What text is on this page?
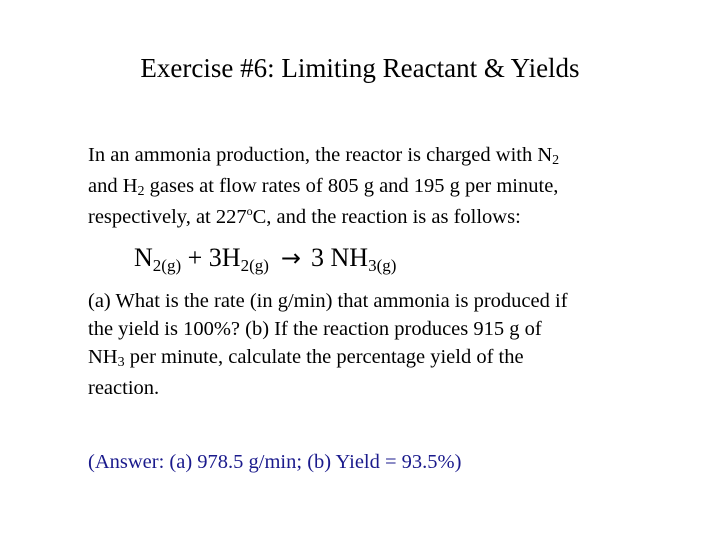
Exercise #6: Limiting Reactant & Yields
In an ammonia production, the reactor is charged with N2
and H2 gases at flow rates of 805 g and 195 g per minute,
respectively, at 227$^o$C, and the reaction is as follows:
N2(g) + 3H2(g) → 3 NH3(g)
(a) What is the rate (in g/min) that ammonia is produced if
the yield is 100%? (b) If the reaction produces 915 g of
NH3 per minute, calculate the percentage yield of the
reaction.
(Answer: (a) 978.5 g/min; (b) Yield = 93.5%)
